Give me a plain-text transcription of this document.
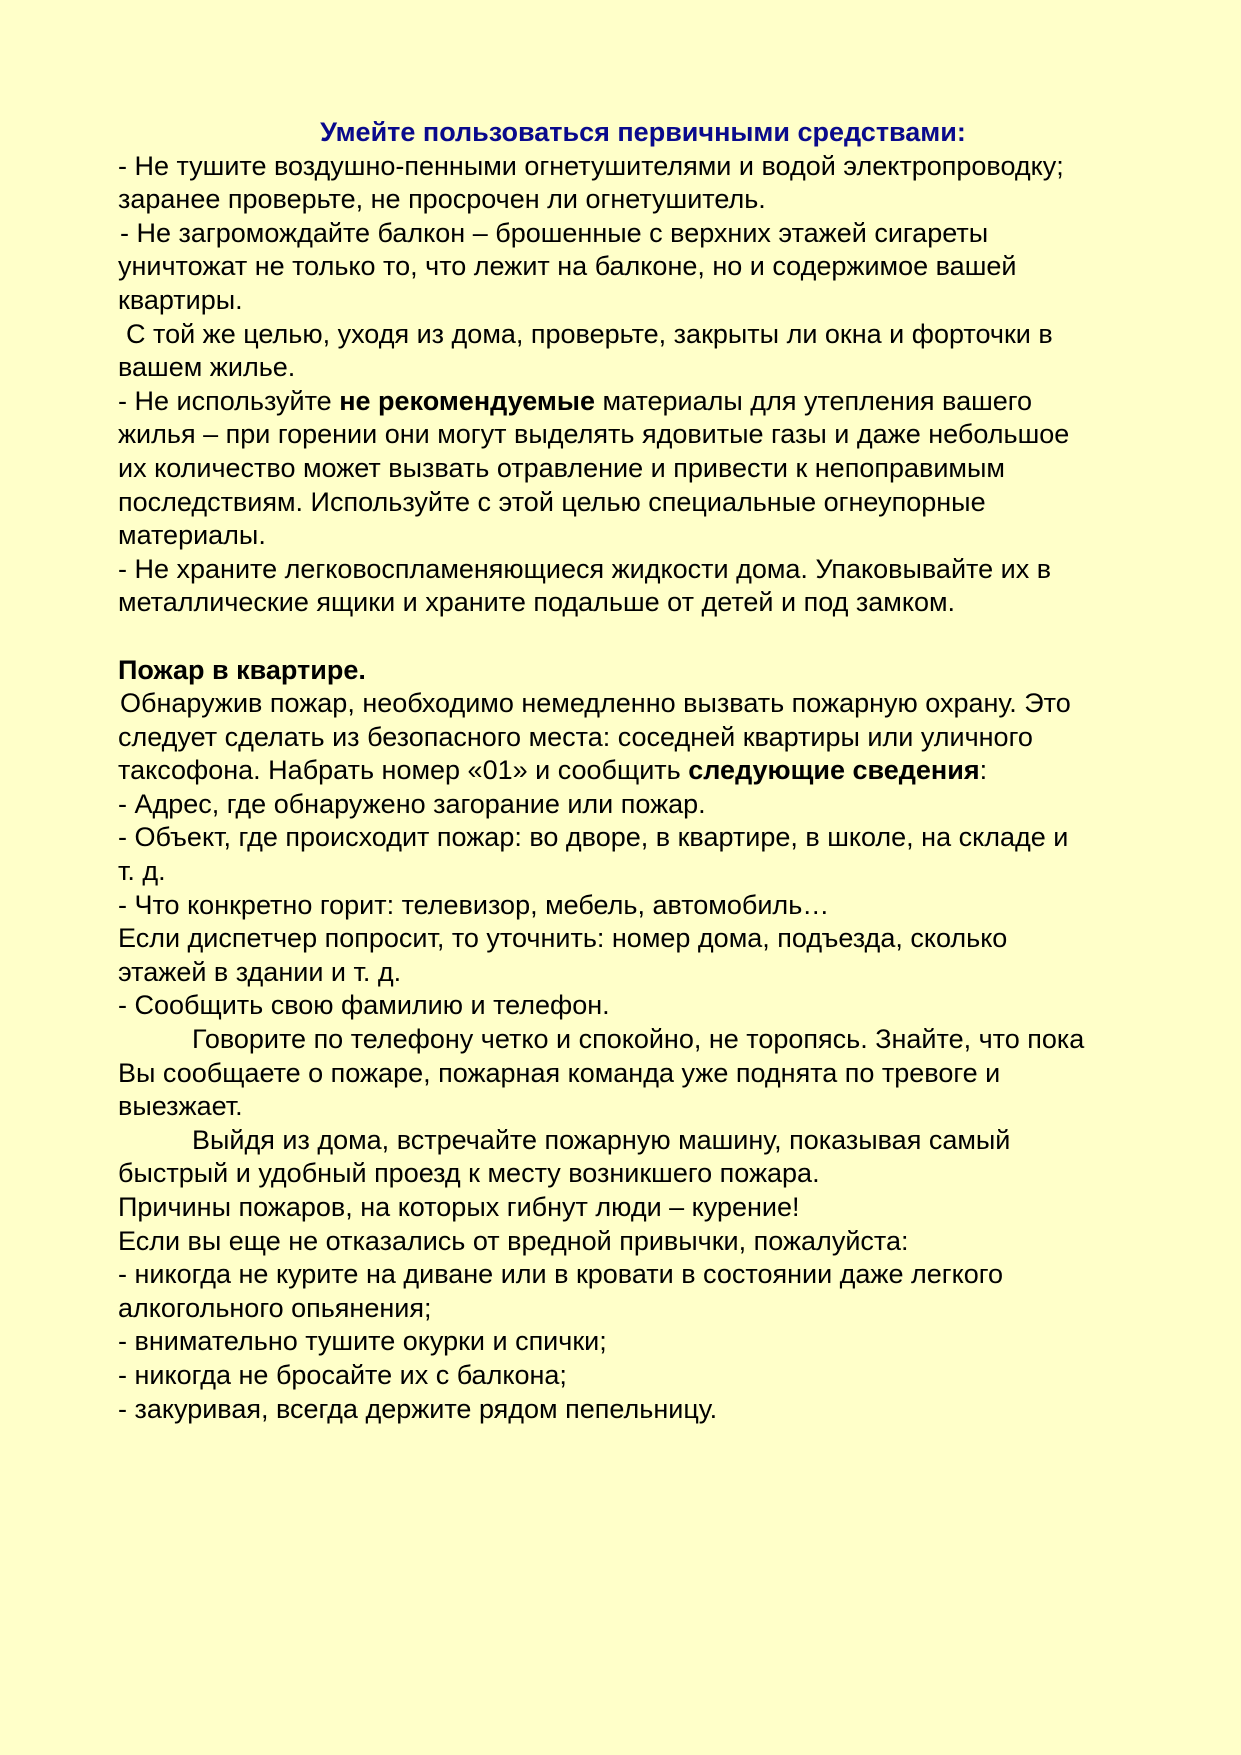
Умейте пользоваться первичными средствами:
- Не тушите воздушно-пенными огнетушителями и водой электропроводку;
заранее проверьте, не просрочен ли огнетушитель.
- Не загромождайте балкон – брошенные с верхних этажей сигареты
уничтожат не только то, что лежит на балконе, но и содержимое вашей
квартиры.
С той же целью, уходя из дома, проверьте, закрыты ли окна и форточки в
вашем жилье.
- Не используйте не рекомендуемые материалы для утепления вашего
жилья – при горении они могут выделять ядовитые газы и даже небольшое
их количество может вызвать отравление и привести к непоправимым
последствиям. Используйте с этой целью специальные огнеупорные
материалы.
- Не храните легковоспламеняющиеся жидкости дома. Упаковывайте их в
металлические ящики и храните подальше от детей и под замком.
Пожар в квартире.
Обнаружив пожар, необходимо немедленно вызвать пожарную охрану. Это
следует сделать из безопасного места: соседней квартиры или уличного
таксофона. Набрать номер «01» и сообщить следующие сведения:
- Адрес, где обнаружено загорание или пожар.
- Объект, где происходит пожар: во дворе, в квартире, в школе, на складе и
т. д.
- Что конкретно горит: телевизор, мебель, автомобиль…
Если диспетчер попросит, то уточнить: номер дома, подъезда, сколько
этажей в здании и т. д.
- Сообщить свою фамилию и телефон.
Говорите по телефону четко и спокойно, не торопясь. Знайте, что пока
Вы сообщаете о пожаре, пожарная команда уже поднята по тревоге и
выезжает.
Выйдя из дома, встречайте пожарную машину, показывая самый
быстрый и удобный проезд к месту возникшего пожара.
Причины пожаров, на которых гибнут люди – курение!
Если вы еще не отказались от вредной привычки, пожалуйста:
- никогда не курите на диване или в кровати в состоянии даже легкого
алкогольного опьянения;
- внимательно тушите окурки и спички;
- никогда не бросайте их с балкона;
- закуривая, всегда держите рядом пепельницу.
